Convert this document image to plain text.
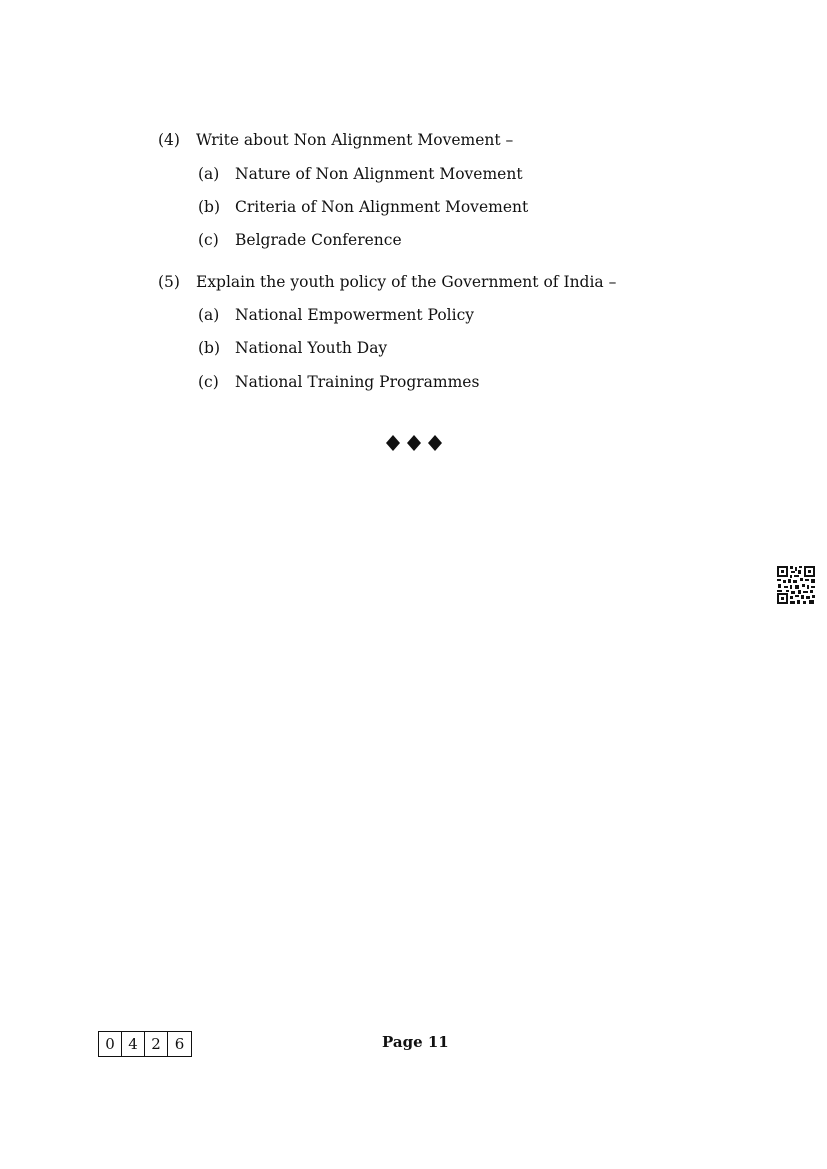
(4) Write about Non Alignment Movement –
(a) Nature of Non Alignment Movement
(b) Criteria of Non Alignment Movement
(c) Belgrade Conference
(5) Explain the youth policy of the Government of India –
(a) National Empowerment Policy
(b) National Youth Day
(c) National Training Programmes
0 4 2 6	Page 11
